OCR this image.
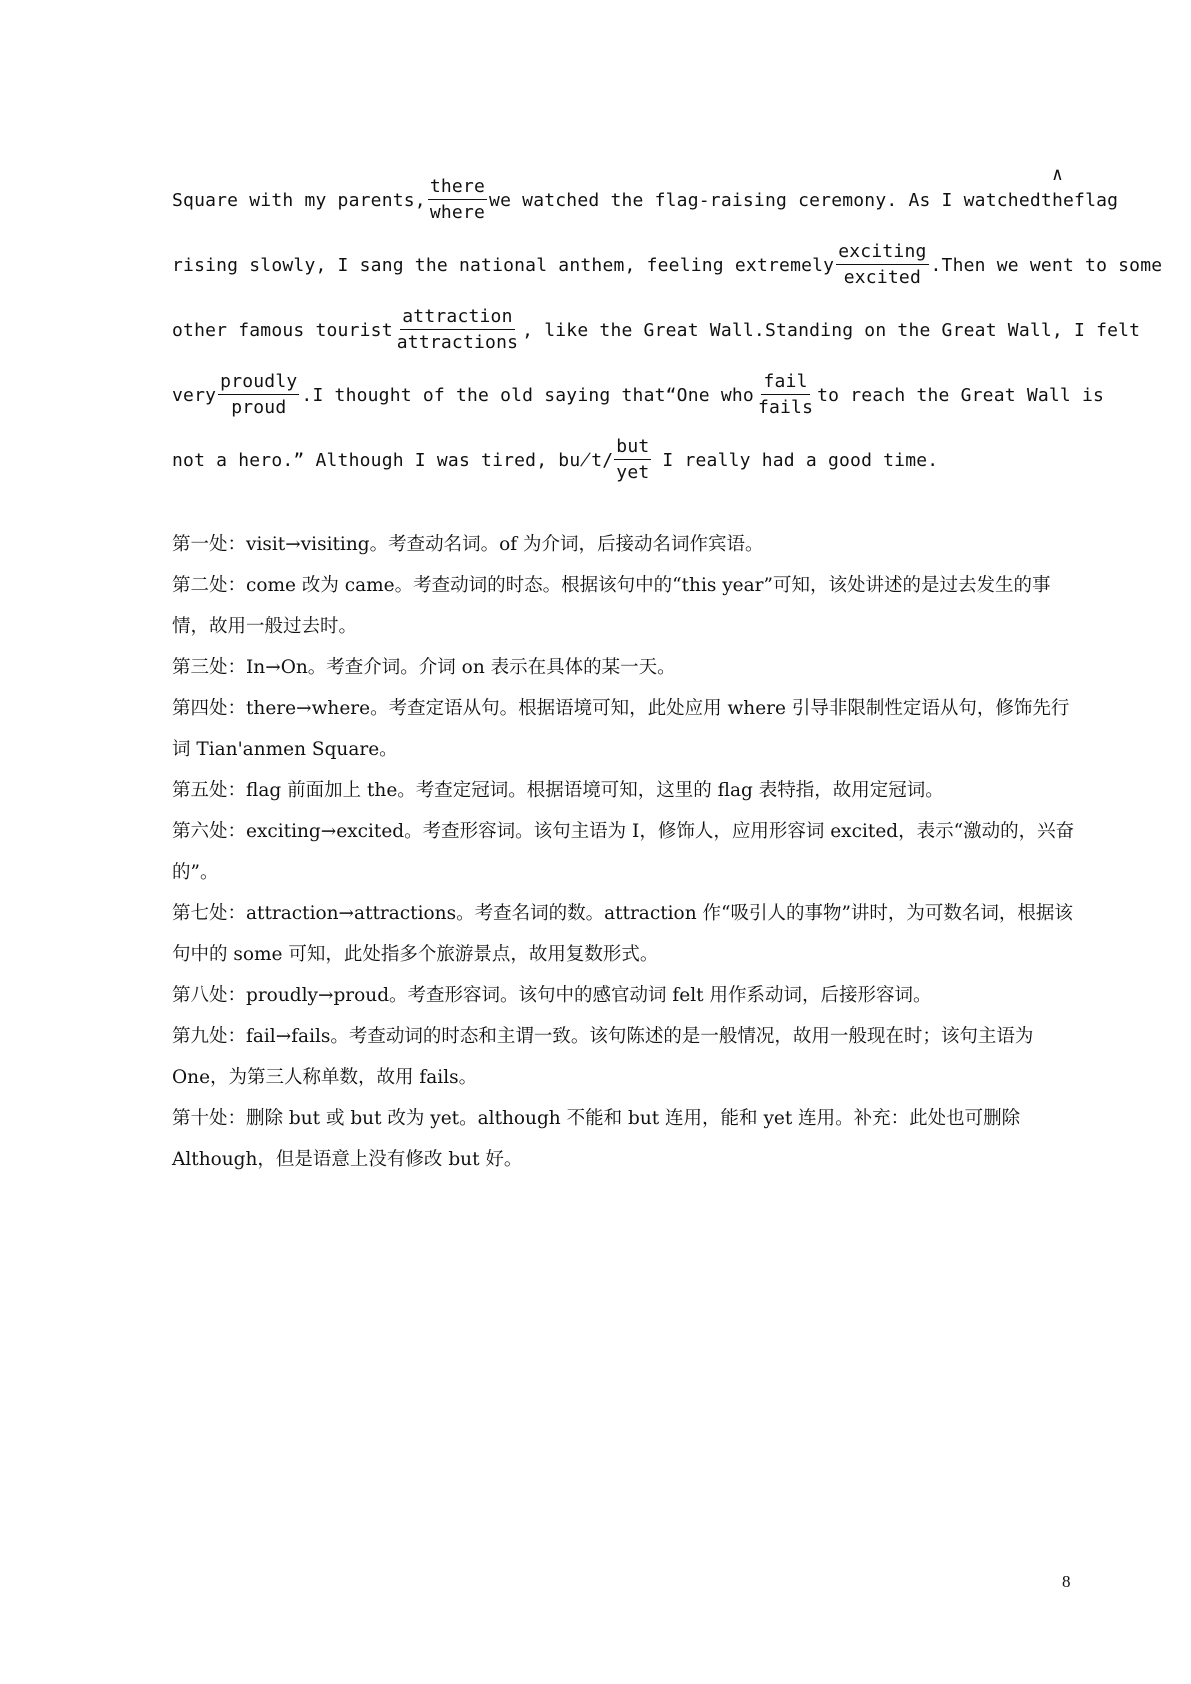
Square with my parents, $\frac{\text{there}}{\text{where}}$ we watched the flag-raising ceremony. As I watched
∧
the flag
rising slowly, I sang the national anthem, feeling extremely $\frac{\text{exciting}}{\text{excited}}$ .Then we went to some
other famous tourist $\frac{\text{attraction}}{\text{attractions}}$ , like the Great Wall.Standing on the Great Wall, I felt
very $\frac{\text{proudly}}{\text{proud}} .I$ thought of the old saying that“One who $\frac{\text{fail}}{\text{fails}}$ to reach the Great Wall is
not a hero.” Although I was tired, bu̸t/ $\frac{\text{but}}{\text{yet}}$ I really had a good time.

第一处：visit→visiting。考查动名词。of 为介词，后接动名词作宾语。

第二处：come 改为 came。考查动词的时态。根据该句中的“this year”可知，该处讲述的是过去发生的事情，故用一般过去时。

第三处：In→On。考查介词。介词 on 表示在具体的某一天。

第四处：there→where。考查定语从句。根据语境可知，此处应用 where 引导非限制性定语从句，修饰先行词 Tian'anmen Square。

第五处：flag 前面加上 the。考查定冠词。根据语境可知，这里的 flag 表特指，故用定冠词。

第六处：exciting→excited。考查形容词。该句主语为 I，修饰人，应用形容词 excited，表示“激动的，兴奋的”。

第七处：attraction→attractions。考查名词的数。attraction 作“吸引人的事物”讲时，为可数名词，根据该句中的 some 可知，此处指多个旅游景点，故用复数形式。

第八处：proudly→proud。考查形容词。该句中的感官动词 felt 用作系动词，后接形容词。

第九处：fail→fails。考查动词的时态和主谓一致。该句陈述的是一般情况，故用一般现在时；该句主语为 One，为第三人称单数，故用 fails。

第十处：删除 but 或 but 改为 yet。although 不能和 but 连用，能和 yet 连用。补充：此处也可删除 Although，但是语意上没有修改 but 好。

8
